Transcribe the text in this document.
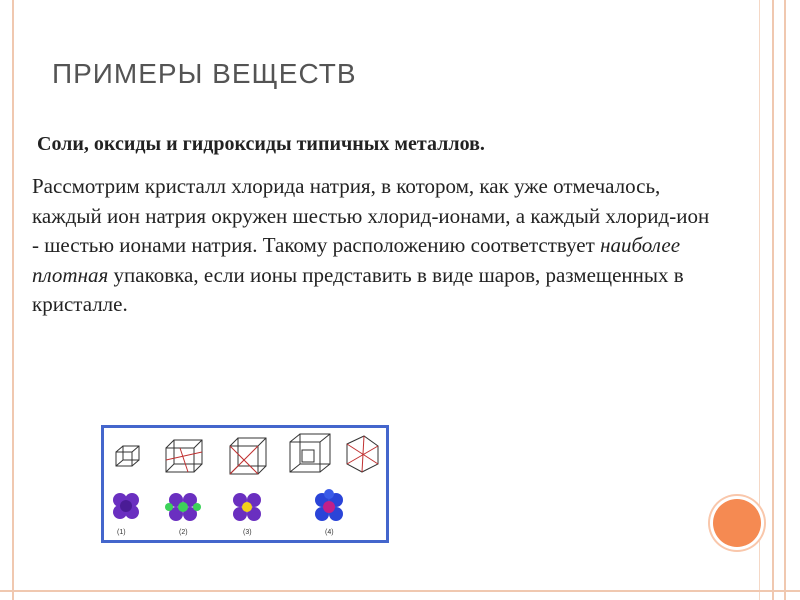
ПРИМЕРЫ ВЕЩЕСТВ
Соли, оксиды и гидроксиды типичных металлов.
Рассмотрим кристалл хлорида натрия, в котором, как уже отмечалось, каждый ион натрия окружен шестью хлорид-ионами, а каждый хлорид-ион - шестью ионами натрия. Такому расположению соответствует наиболее плотная упаковка, если ионы представить в виде шаров, размещенных в кристалле.
(1)	(2)	(3)	(4)
